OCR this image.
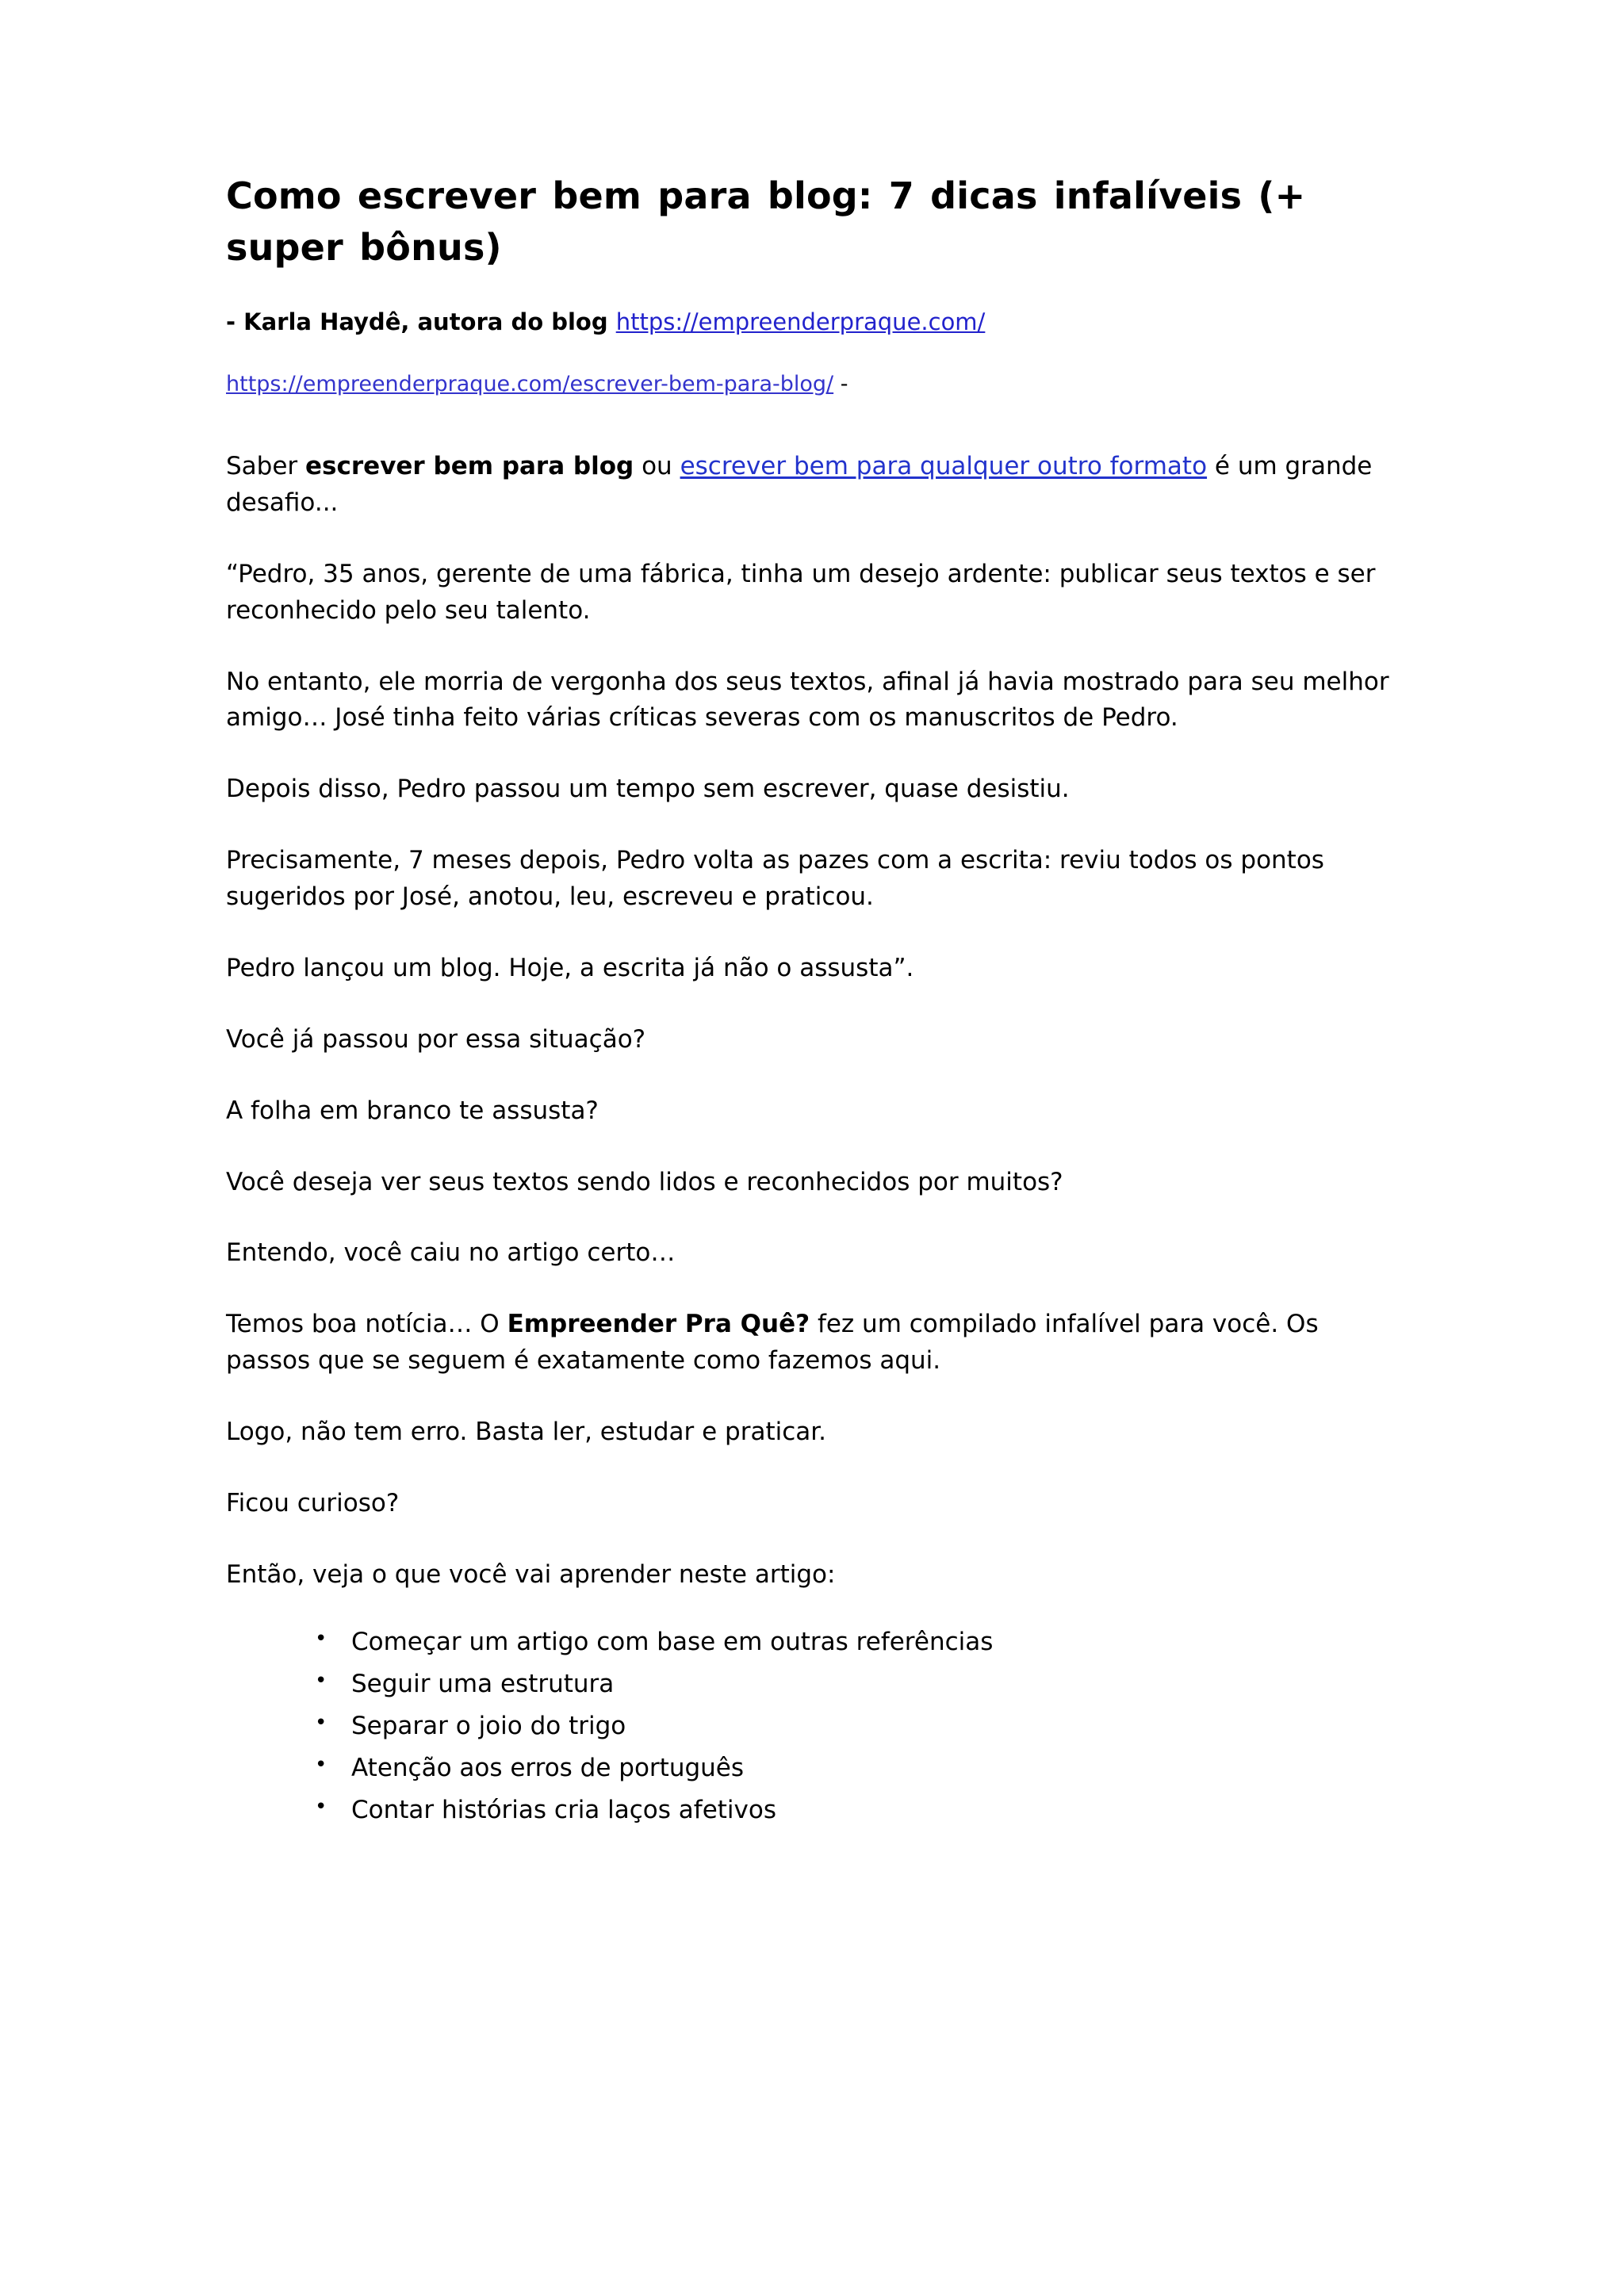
Como escrever bem para blog: 7 dicas infalíveis (+ super bônus)
- Karla Haydê, autora do blog https://empreenderpraque.com/
https://empreenderpraque.com/escrever-bem-para-blog/ -

Saber escrever bem para blog ou escrever bem para qualquer outro formato é um grande desafio...

“Pedro, 35 anos, gerente de uma fábrica, tinha um desejo ardente: publicar seus textos e ser reconhecido pelo seu talento.

No entanto, ele morria de vergonha dos seus textos, afinal já havia mostrado para seu melhor amigo… José tinha feito várias críticas severas com os manuscritos de Pedro.

Depois disso, Pedro passou um tempo sem escrever, quase desistiu.

Precisamente, 7 meses depois, Pedro volta as pazes com a escrita: reviu todos os pontos sugeridos por José, anotou, leu, escreveu e praticou.

Pedro lançou um blog. Hoje, a escrita já não o assusta”.

Você já passou por essa situação?

A folha em branco te assusta?

Você deseja ver seus textos sendo lidos e reconhecidos por muitos?

Entendo, você caiu no artigo certo…

Temos boa notícia… O Empreender Pra Quê? fez um compilado infalível para você. Os passos que se seguem é exatamente como fazemos aqui.

Logo, não tem erro. Basta ler, estudar e praticar.

Ficou curioso?

Então, veja o que você vai aprender neste artigo:

• Começar um artigo com base em outras referências
• Seguir uma estrutura
• Separar o joio do trigo
• Atenção aos erros de português
• Contar histórias cria laços afetivos
